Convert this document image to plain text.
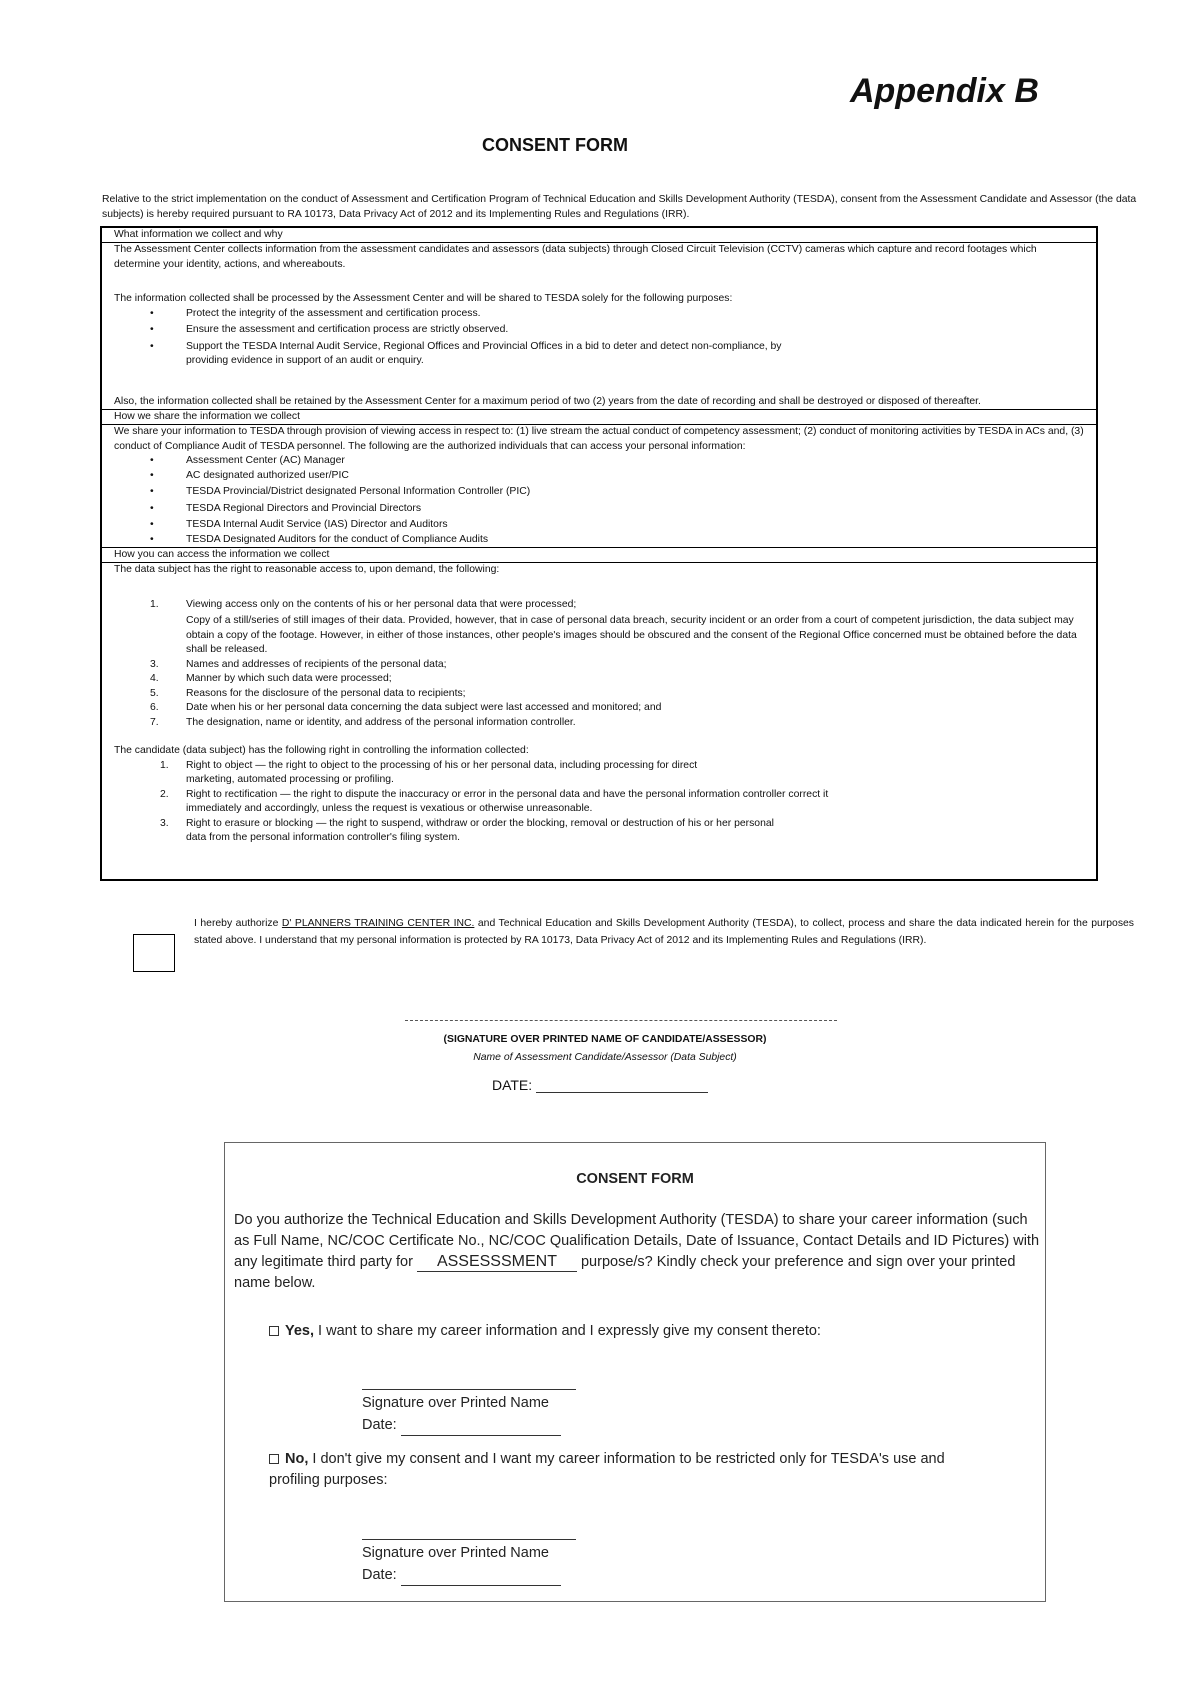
Appendix B
CONSENT FORM
Relative to the strict implementation on the conduct of Assessment and Certification Program of Technical Education and Skills Development Authority (TESDA), consent from the Assessment Candidate and Assessor (the data subjects) is hereby required pursuant to RA 10173, Data Privacy Act of 2012 and its Implementing Rules and Regulations (IRR).
What information we collect and why

The Assessment Center collects information from the assessment candidates and assessors (data subjects) through Closed Circuit Television (CCTV) cameras which capture and record footages which determine your identity, actions, and whereabouts.

The information collected shall be processed by the Assessment Center and will be shared to TESDA solely for the following purposes:

• Protect the integrity of the assessment and certification process.
• Ensure the assessment and certification process are strictly observed.
• Support the TESDA Internal Audit Service, Regional Offices and Provincial Offices in a bid to deter and detect non-compliance, by providing evidence in support of an audit or enquiry.

Also, the information collected shall be retained by the Assessment Center for a maximum period of two (2) years from the date of recording and shall be destroyed or disposed of thereafter.

How we share the information we collect

We share your information to TESDA through provision of viewing access in respect to: (1) live stream the actual conduct of competency assessment; (2) conduct of monitoring activities by TESDA in ACs and, (3) conduct of Compliance Audit of TESDA personnel. The following are the authorized individuals that can access your personal information:

• Assessment Center (AC) Manager
• AC designated authorized user/PIC
• TESDA Provincial/District designated Personal Information Controller (PIC)
• TESDA Regional Directors and Provincial Directors
• TESDA Internal Audit Service (IAS) Director and Auditors
• TESDA Designated Auditors for the conduct of Compliance Audits
How you can access the information we collect

The data subject has the right to reasonable access to, upon demand, the following:

1.	Viewing access only on the contents of his or her personal data that were processed;
Copy of a still/series of still images of their data. Provided, however, that in case of personal data breach, security incident or an order from a court of competent jurisdiction, the data subject may obtain a copy of the footage. However, in either of those instances, other people's images should be obscured and the consent of the Regional Office concerned must be obtained before the data shall be released.
3.	Names and addresses of recipients of the personal data;
4.	Manner by which such data were processed;
5.	Reasons for the disclosure of the personal data to recipients;
6.	Date when his or her personal data concerning the data subject were last accessed and monitored; and
7.	The designation, name or identity, and address of the personal information controller.

The candidate (data subject) has the following right in controlling the information collected:

1. Right to object — the right to object to the processing of his or her personal data, including processing for direct marketing, automated processing or profiling.
2. Right to rectification — the right to dispute the inaccuracy or error in the personal data and have the personal information controller correct it immediately and accordingly, unless the request is vexatious or otherwise unreasonable.
3. Right to erasure or blocking — the right to suspend, withdraw or order the blocking, removal or destruction of his or her personal data from the personal information controller's filing system.
I hereby authorize D' PLANNERS TRAINING CENTER INC. and Technical Education and Skills Development Authority (TESDA), to collect, process and share the data indicated herein for the purposes stated above. I understand that my personal information is protected by RA 10173, Data Privacy Act of 2012 and its Implementing Rules and Regulations (IRR).
(SIGNATURE OVER PRINTED NAME OF CANDIDATE/ASSESSOR)
Name of Assessment Candidate/Assessor (Data Subject)
DATE:
CONSENT FORM
Do you authorize the Technical Education and Skills Development Authority (TESDA) to share your career information (such as Full Name, NC/COC Certificate No., NC/COC Qualification Details, Date of Issuance, Contact Details and ID Pictures) with any legitimate third party for ASSESSSMENT purpose/s? Kindly check your preference and sign over your printed name below.
Yes, I want to share my career information and I expressly give my consent thereto:
Signature over Printed Name
Date:
No, I don't give my consent and I want my career information to be restricted only for TESDA's use and profiling purposes:
Signature over Printed Name
Date:
